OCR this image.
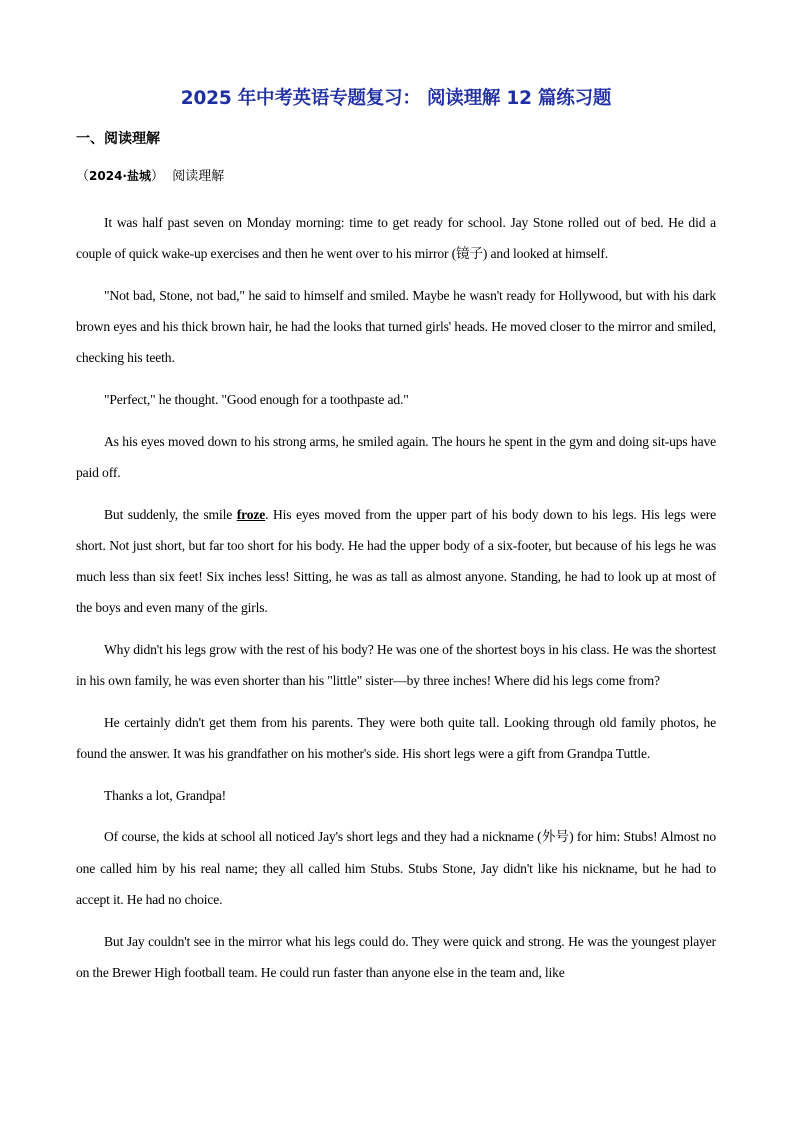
2025 年中考英语专题复习： 阅读理解 12 篇练习题
一、阅读理解
（2024·盐城） 阅读理解

It was half past seven on Monday morning: time to get ready for school. Jay Stone rolled out of bed. He did a couple of quick wake-up exercises and then he went over to his mirror (镜子) and looked at himself.

"Not bad, Stone, not bad," he said to himself and smiled. Maybe he wasn't ready for Hollywood, but with his dark brown eyes and his thick brown hair, he had the looks that turned girls' heads. He moved closer to the mirror and smiled, checking his teeth.

"Perfect," he thought. "Good enough for a toothpaste ad."

As his eyes moved down to his strong arms, he smiled again. The hours he spent in the gym and doing sit-ups have paid off.

But suddenly, the smile froze. His eyes moved from the upper part of his body down to his legs. His legs were short. Not just short, but far too short for his body. He had the upper body of a six-footer, but because of his legs he was much less than six feet! Six inches less! Sitting, he was as tall as almost anyone. Standing, he had to look up at most of the boys and even many of the girls.

Why didn't his legs grow with the rest of his body? He was one of the shortest boys in his class. He was the shortest in his own family, he was even shorter than his "little" sister—by three inches! Where did his legs come from?

He certainly didn't get them from his parents. They were both quite tall. Looking through old family photos, he found the answer. It was his grandfather on his mother's side. His short legs were a gift from Grandpa Tuttle.

Thanks a lot, Grandpa!

Of course, the kids at school all noticed Jay's short legs and they had a nickname (外号) for him: Stubs! Almost no one called him by his real name; they all called him Stubs. Stubs Stone, Jay didn't like his nickname, but he had to accept it. He had no choice.

But Jay couldn't see in the mirror what his legs could do. They were quick and strong. He was the youngest player on the Brewer High football team. He could run faster than anyone else in the team and, like
